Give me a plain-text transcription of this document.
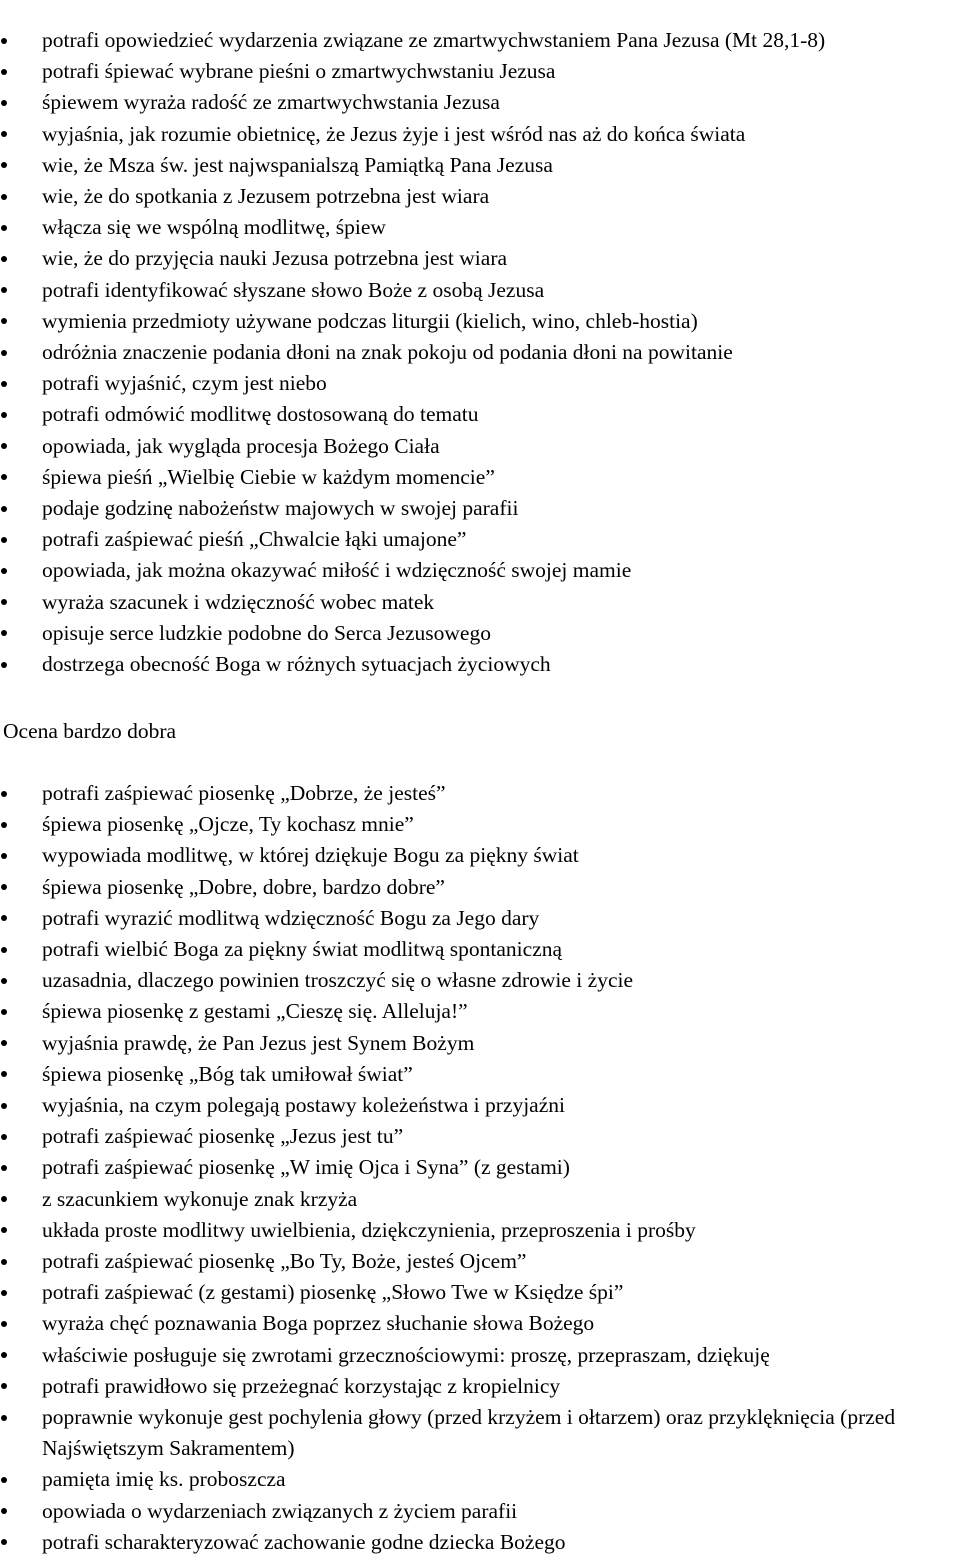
potrafi opowiedzieć wydarzenia związane ze zmartwychwstaniem Pana Jezusa (Mt 28,1-8)
potrafi śpiewać wybrane pieśni o zmartwychwstaniu Jezusa
śpiewem wyraża radość ze zmartwychwstania Jezusa
wyjaśnia, jak rozumie obietnicę, że Jezus żyje i jest wśród nas aż do końca świata
wie, że Msza św. jest najwspanialszą Pamiątką Pana Jezusa
wie, że do spotkania z Jezusem potrzebna jest wiara
włącza się we wspólną modlitwę, śpiew
wie, że do przyjęcia nauki Jezusa potrzebna jest wiara
potrafi identyfikować słyszane słowo Boże z osobą Jezusa
wymienia przedmioty używane podczas liturgii (kielich, wino, chleb-hostia)
odróżnia znaczenie podania dłoni na znak pokoju od podania dłoni na powitanie
potrafi wyjaśnić, czym jest niebo
potrafi odmówić modlitwę dostosowaną do tematu
opowiada, jak wygląda procesja Bożego Ciała
śpiewa pieśń „Wielbię Ciebie w każdym momencie”
podaje godzinę nabożeństw majowych w swojej parafii
potrafi zaśpiewać pieśń „Chwalcie łąki umajone”
opowiada, jak można okazywać miłość i wdzięczność swojej mamie
wyraża szacunek i wdzięczność wobec matek
opisuje serce ludzkie podobne do Serca Jezusowego
dostrzega obecność Boga w różnych sytuacjach życiowych
Ocena bardzo dobra
potrafi zaśpiewać piosenkę „Dobrze, że jesteś”
śpiewa piosenkę „Ojcze, Ty kochasz mnie”
wypowiada modlitwę, w której dziękuje Bogu za piękny świat
śpiewa piosenkę „Dobre, dobre, bardzo dobre”
potrafi wyrazić modlitwą wdzięczność Bogu za Jego dary
potrafi wielbić Boga za piękny świat modlitwą spontaniczną
uzasadnia, dlaczego powinien troszczyć się o własne zdrowie i życie
śpiewa piosenkę z gestami „Cieszę się. Alleluja!”
wyjaśnia prawdę, że Pan Jezus jest Synem Bożym
śpiewa piosenkę „Bóg tak umiłował świat”
wyjaśnia, na czym polegają postawy koleżeństwa i przyjaźni
potrafi zaśpiewać piosenkę „Jezus jest tu”
potrafi zaśpiewać piosenkę „W imię Ojca i Syna” (z gestami)
z szacunkiem wykonuje znak krzyża
układa proste modlitwy uwielbienia, dziękczynienia, przeproszenia i prośby
potrafi zaśpiewać piosenkę „Bo Ty, Boże, jesteś Ojcem”
potrafi zaśpiewać (z gestami) piosenkę „Słowo Twe w Księdze śpi”
wyraża chęć poznawania Boga poprzez słuchanie słowa Bożego
właściwie posługuje się zwrotami grzecznościowymi: proszę, przepraszam, dziękuję
potrafi prawidłowo się przeżegnać korzystając z kropielnicy
poprawnie wykonuje gest pochylenia głowy (przed krzyżem i ołtarzem) oraz przyklęknięcia (przed Najświętszym Sakramentem)
pamięta imię ks. proboszcza
opowiada o wydarzeniach związanych z życiem parafii
potrafi scharakteryzować zachowanie godne dziecka Bożego
